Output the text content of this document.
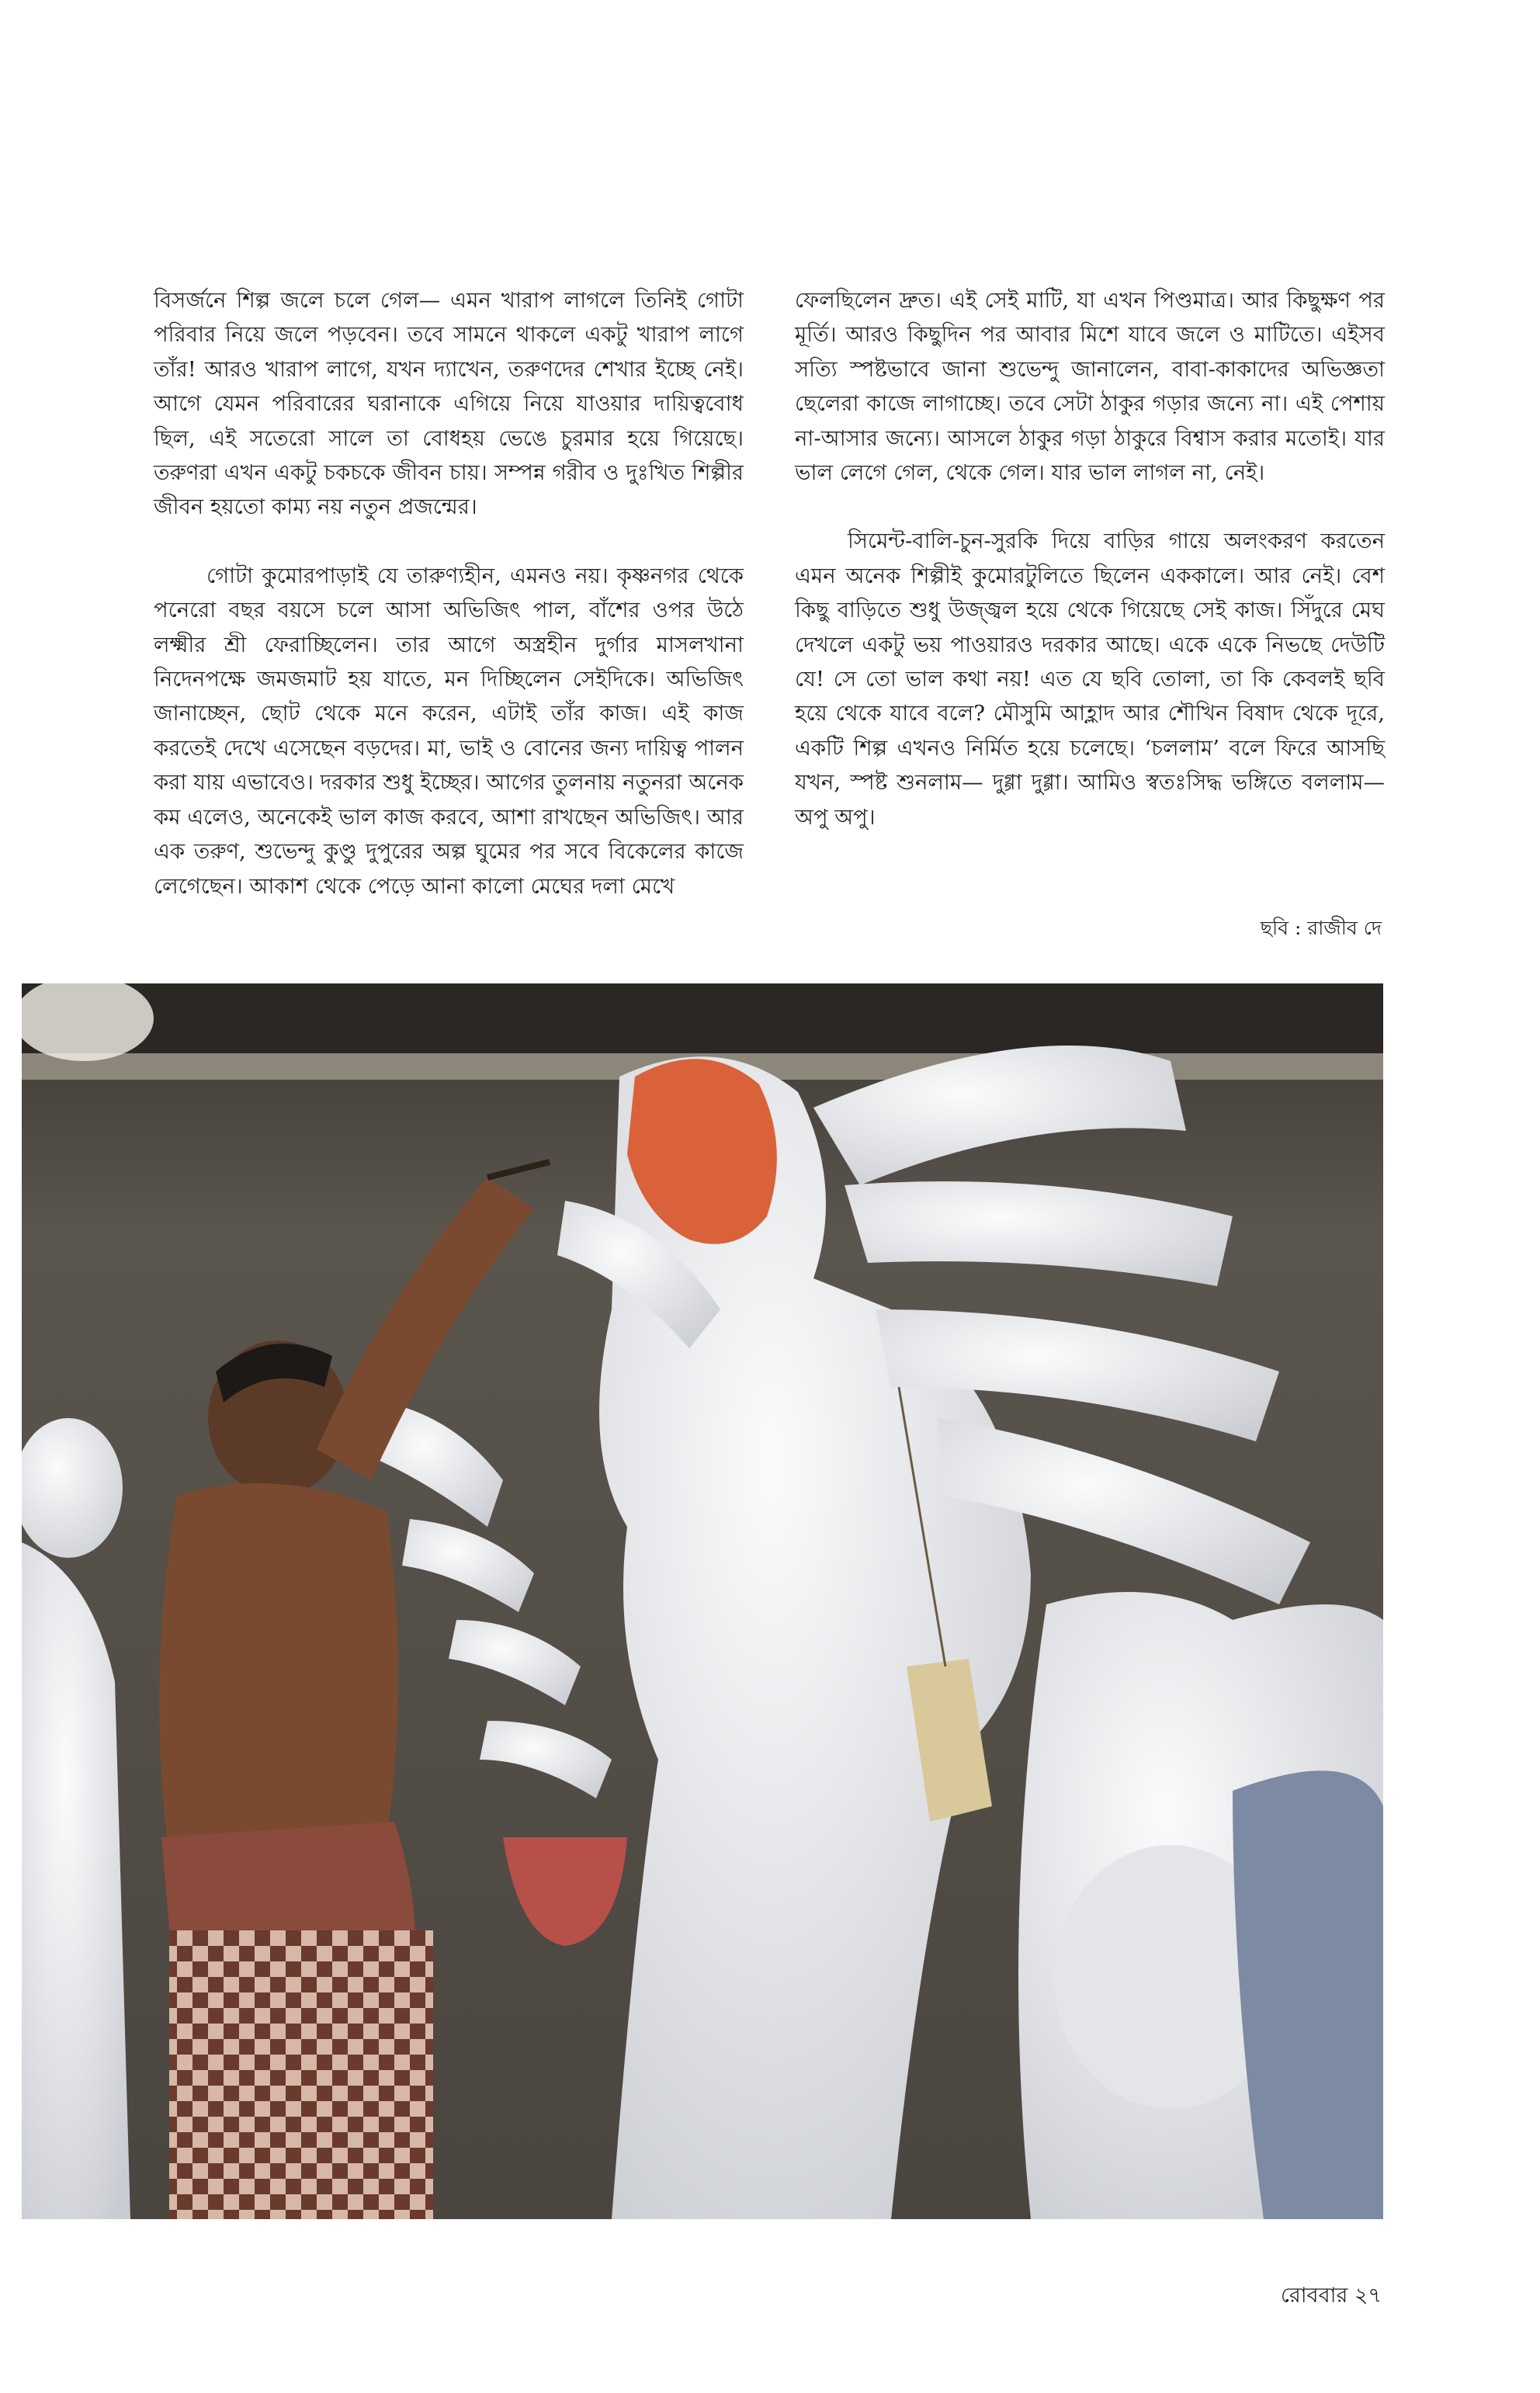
বিসর্জনে শিল্প জলে চলে গেল— এমন খারাপ লাগলে তিনিই গোটা পরিবার নিয়ে জলে পড়বেন। তবে সামনে থাকলে একটু খারাপ লাগে তাঁর! আরও খারাপ লাগে, যখন দ্যাখেন, তরুণদের শেখার ইচ্ছে নেই। আগে যেমন পরিবারের ঘরানাকে এগিয়ে নিয়ে যাওয়ার দায়িত্ববোধ ছিল, এই সতেরো সালে তা বোধহয় ভেঙে চুরমার হয়ে গিয়েছে। তরুণরা এখন একটু চকচকে জীবন চায়। সম্পন্ন গরীব ও দুঃখিত শিল্পীর জীবন হয়তো কাম্য নয় নতুন প্রজন্মের।

গোটা কুমোরপাড়াই যে তারুণ্যহীন, এমনও নয়। কৃষ্ণনগর থেকে পনেরো বছর বয়সে চলে আসা অভিজিৎ পাল, বাঁশের ওপর উঠে লক্ষ্মীর শ্রী ফেরাচ্ছিলেন। তার আগে অস্ত্রহীন দুর্গার মাসলখানা নিদেনপক্ষে জমজমাট হয় যাতে, মন দিচ্ছিলেন সেইদিকে। অভিজিৎ জানাচ্ছেন, ছোট থেকে মনে করেন, এটাই তাঁর কাজ। এই কাজ করতেই দেখে এসেছেন বড়দের। মা, ভাই ও বোনের জন্য দায়িত্ব পালন করা যায় এভাবেও। দরকার শুধু ইচ্ছের। আগের তুলনায় নতুনরা অনেক কম এলেও, অনেকেই ভাল কাজ করবে, আশা রাখছেন অভিজিৎ। আর এক তরুণ, শুভেন্দু কুণ্ডু দুপুরের অল্প ঘুমের পর সবে বিকেলের কাজে লেগেছেন। আকাশ থেকে পেড়ে আনা কালো মেঘের দলা মেখে

ফেলছিলেন দ্রুত। এই সেই মাটি, যা এখন পিণ্ডমাত্র। আর কিছুক্ষণ পর মূর্তি। আরও কিছুদিন পর আবার মিশে যাবে জলে ও মাটিতে। এইসব সত্যি স্পষ্টভাবে জানা শুভেন্দু জানালেন, বাবা-কাকাদের অভিজ্ঞতা ছেলেরা কাজে লাগাচ্ছে। তবে সেটা ঠাকুর গড়ার জন্যে না। এই পেশায় না-আসার জন্যে। আসলে ঠাকুর গড়া ঠাকুরে বিশ্বাস করার মতোই। যার ভাল লেগে গেল, থেকে গেল। যার ভাল লাগল না, নেই।

সিমেন্ট-বালি-চুন-সুরকি দিয়ে বাড়ির গায়ে অলংকরণ করতেন এমন অনেক শিল্পীই কুমোরটুলিতে ছিলেন এককালে। আর নেই। বেশ কিছু বাড়িতে শুধু উজ্জ্বল হয়ে থেকে গিয়েছে সেই কাজ। সিঁদুরে মেঘ দেখলে একটু ভয় পাওয়ারও দরকার আছে। একে একে নিভছে দেউটি যে! সে তো ভাল কথা নয়! এত যে ছবি তোলা, তা কি কেবলই ছবি হয়ে থেকে যাবে বলে? মৌসুমি আহ্লাদ আর শৌখিন বিষাদ থেকে দূরে, একটি শিল্প এখনও নির্মিত হয়ে চলেছে। ‘চললাম’ বলে ফিরে আসছি যখন, স্পষ্ট শুনলাম— দুগ্গা দুগ্গা। আমিও স্বতঃসিদ্ধ ভঙ্গিতে বললাম— অপু অপু।

ছবি : রাজীব দে
রোববার ২৭
